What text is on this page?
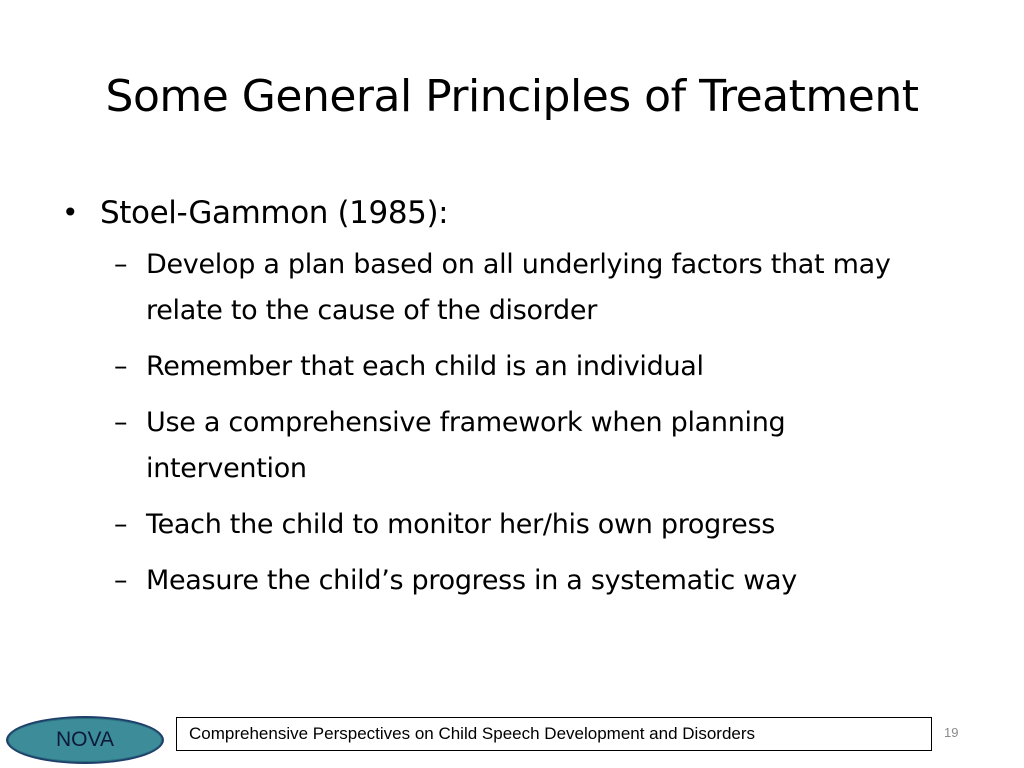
Some General Principles of Treatment
• Stoel-Gammon (1985):
– Develop a plan based on all underlying factors that may relate to the cause of the disorder
– Remember that each child is an individual
– Use a comprehensive framework when planning intervention
– Teach the child to monitor her/his own progress
– Measure the child’s progress in a systematic way
NOVA	Comprehensive Perspectives on Child Speech Development and Disorders	19
